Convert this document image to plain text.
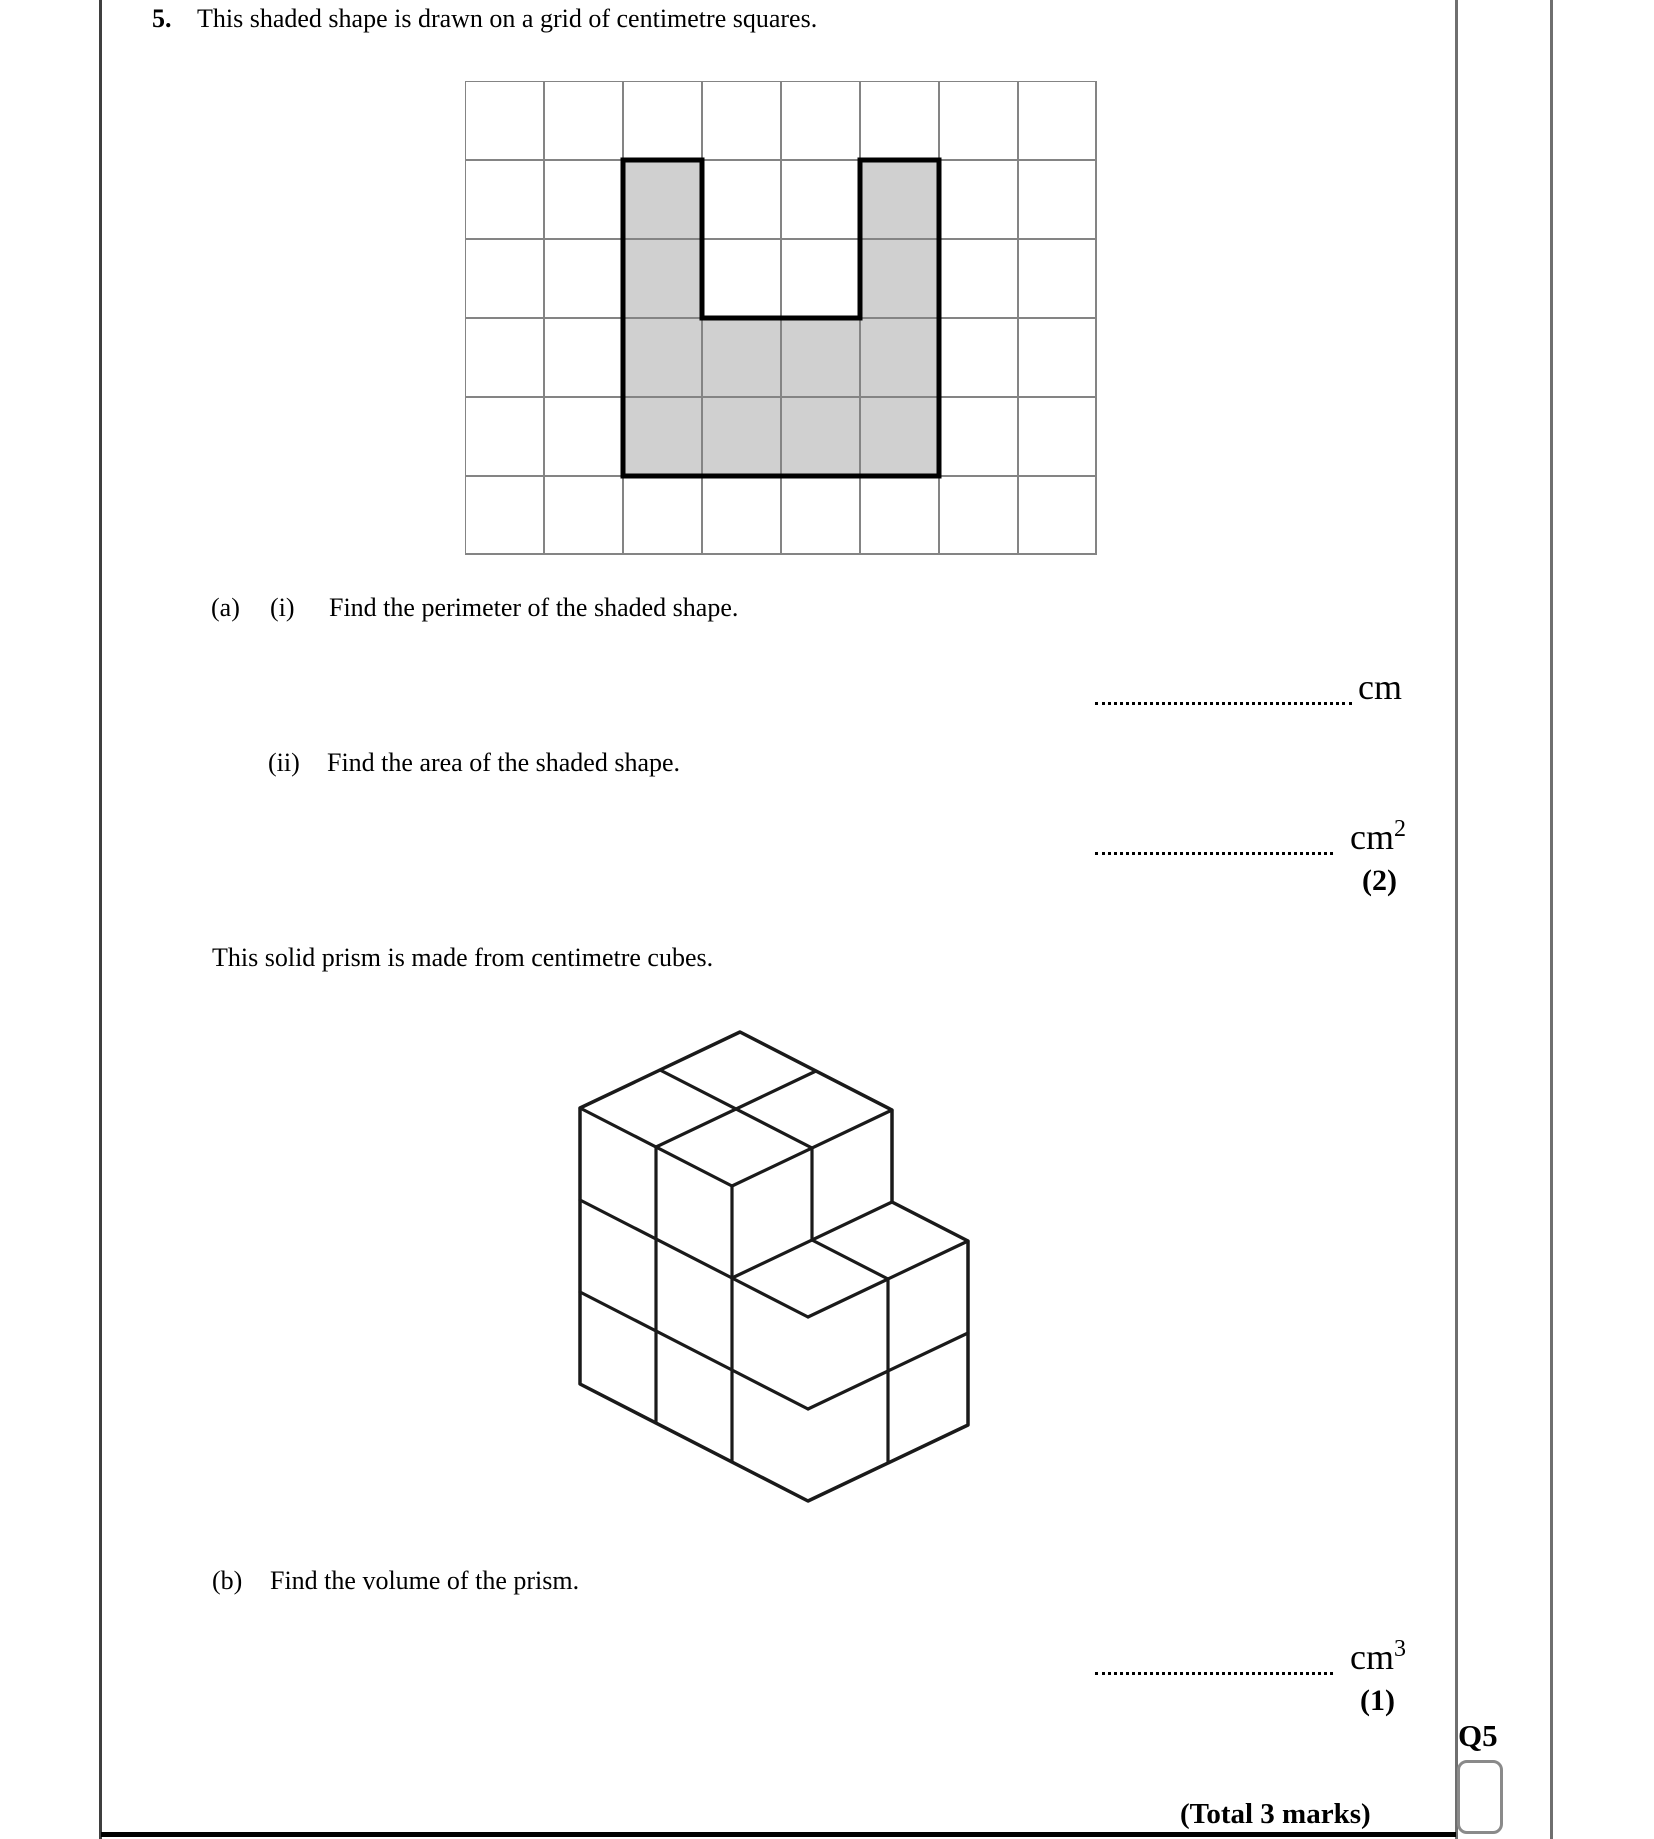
5. This shaded shape is drawn on a grid of centimetre squares.
(a) (i) Find the perimeter of the shaded shape.
cm
(ii) Find the area of the shaded shape.
$cm^2$
(2)
This solid prism is made from centimetre cubes.
(b) Find the volume of the prism.
$cm^3$
(1)
Q5
(Total 3 marks)
